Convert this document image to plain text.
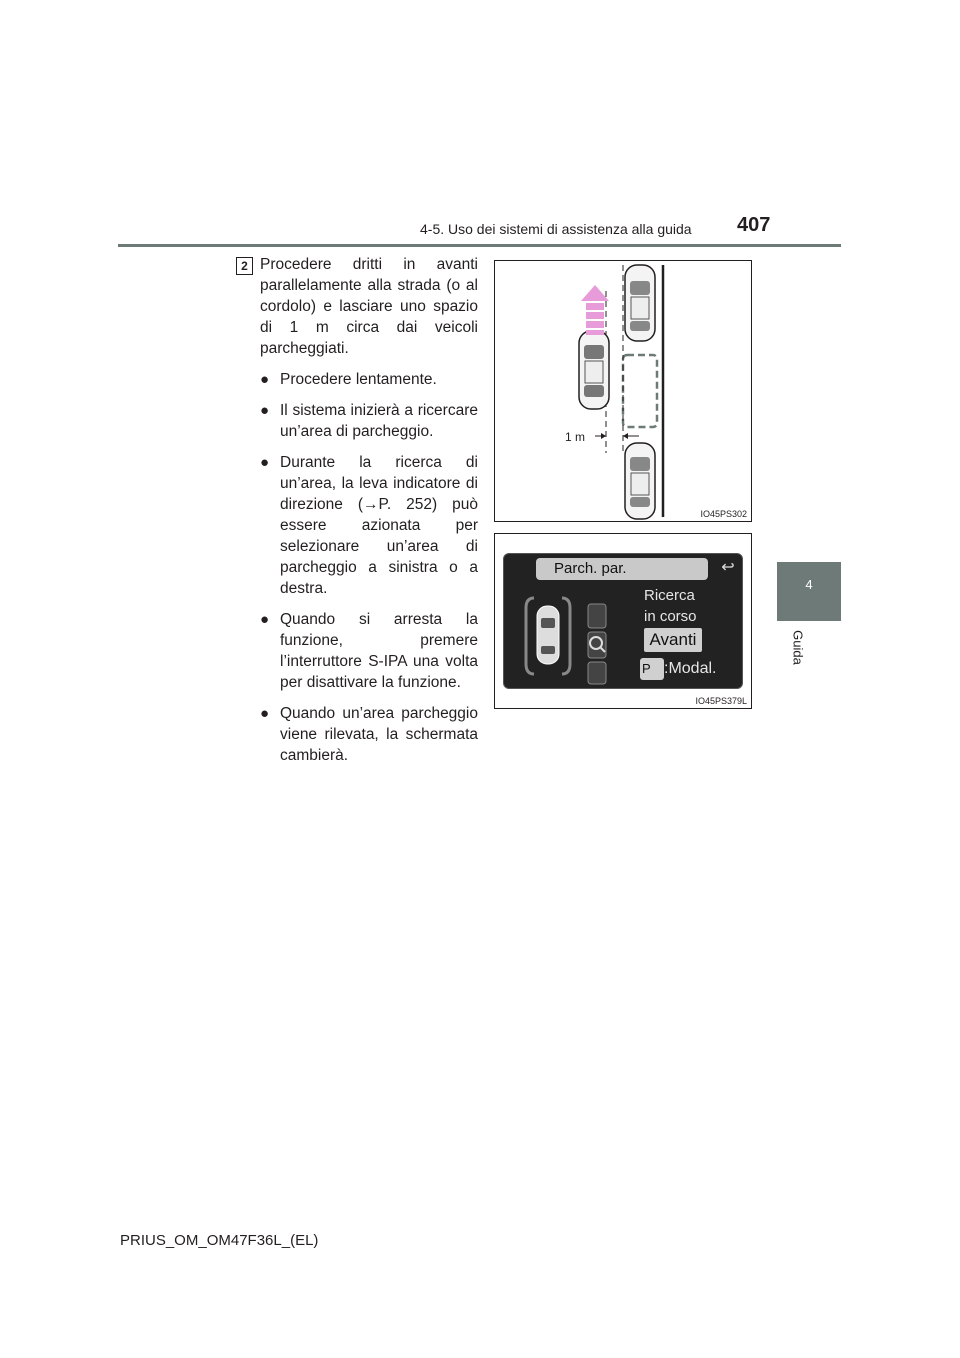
4-5. Uso dei sistemi di assistenza alla guida 407
4
Guida
2 Procedere dritti in avanti parallelamente alla strada (o al cordolo) e lasciare uno spazio di 1 m circa dai veicoli parcheggiati.

● Procedere lentamente.
● Il sistema inizierà a ricercare un’area di parcheggio.
● Durante la ricerca di un’area, la leva indicatore di direzione (→P. 252) può essere azionata per selezionare un’area di parcheggio a sinistra o a destra.
● Quando si arresta la funzione, premere l’interruttore S-IPA una volta per disattivare la funzione.
● Quando un’area parcheggio viene rilevata, la schermata cambierà.
1 m
IO45PS302
Parch. par.	↩
Ricerca
in corso
Avanti
P :Modal.
IO45PS379L
PRIUS_OM_OM47F36L_(EL)
